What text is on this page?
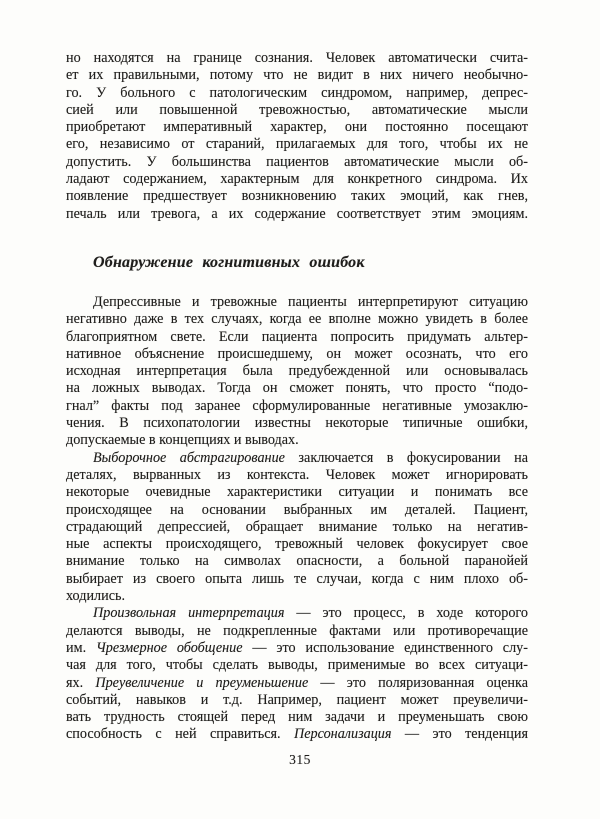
но находятся на границе сознания. Человек автоматически счита-
ет их правильными, потому что не видит в них ничего необычно-
го. У больного с патологическим синдромом, например, депрес-
сией или повышенной тревожностью, автоматические мысли
приобретают императивный характер, они постоянно посещают
его, независимо от стараний, прилагаемых для того, чтобы их не
допустить. У большинства пациентов автоматические мысли об-
ладают содержанием, характерным для конкретного синдрома. Их
появление предшествует возникновению таких эмоций, как гнев,
печаль или тревога, а их содержание соответствует этим эмоциям.
Обнаружение когнитивных ошибок
Депрессивные и тревожные пациенты интерпретируют ситуацию
негативно даже в тех случаях, когда ее вполне можно увидеть в более
благоприятном свете. Если пациента попросить придумать альтер-
нативное объяснение происшедшему, он может осознать, что его
исходная интерпретация была предубежденной или основывалась
на ложных выводах. Тогда он сможет понять, что просто “подо-
гнал” факты под заранее сформулированные негативные умозаклю-
чения. В психопатологии известны некоторые типичные ошибки,
допускаемые в концепциях и выводах.
Выборочное абстрагирование заключается в фокусировании на
деталях, вырванных из контекста. Человек может игнорировать
некоторые очевидные характеристики ситуации и понимать все
происходящее на основании выбранных им деталей. Пациент,
страдающий депрессией, обращает внимание только на негатив-
ные аспекты происходящего, тревожный человек фокусирует свое
внимание только на символах опасности, а больной паранойей
выбирает из своего опыта лишь те случаи, когда с ним плохо об-
ходились.
Произвольная интерпретация — это процесс, в ходе которого
делаются выводы, не подкрепленные фактами или противоречащие
им. Чрезмерное обобщение — это использование единственного слу-
чая для того, чтобы сделать выводы, применимые во всех ситуаци-
ях. Преувеличение и преуменьшение — это поляризованная оценка
событий, навыков и т.д. Например, пациент может преувеличи-
вать трудность стоящей перед ним задачи и преуменьшать свою
способность с ней справиться. Персонализация — это тенденция
315
